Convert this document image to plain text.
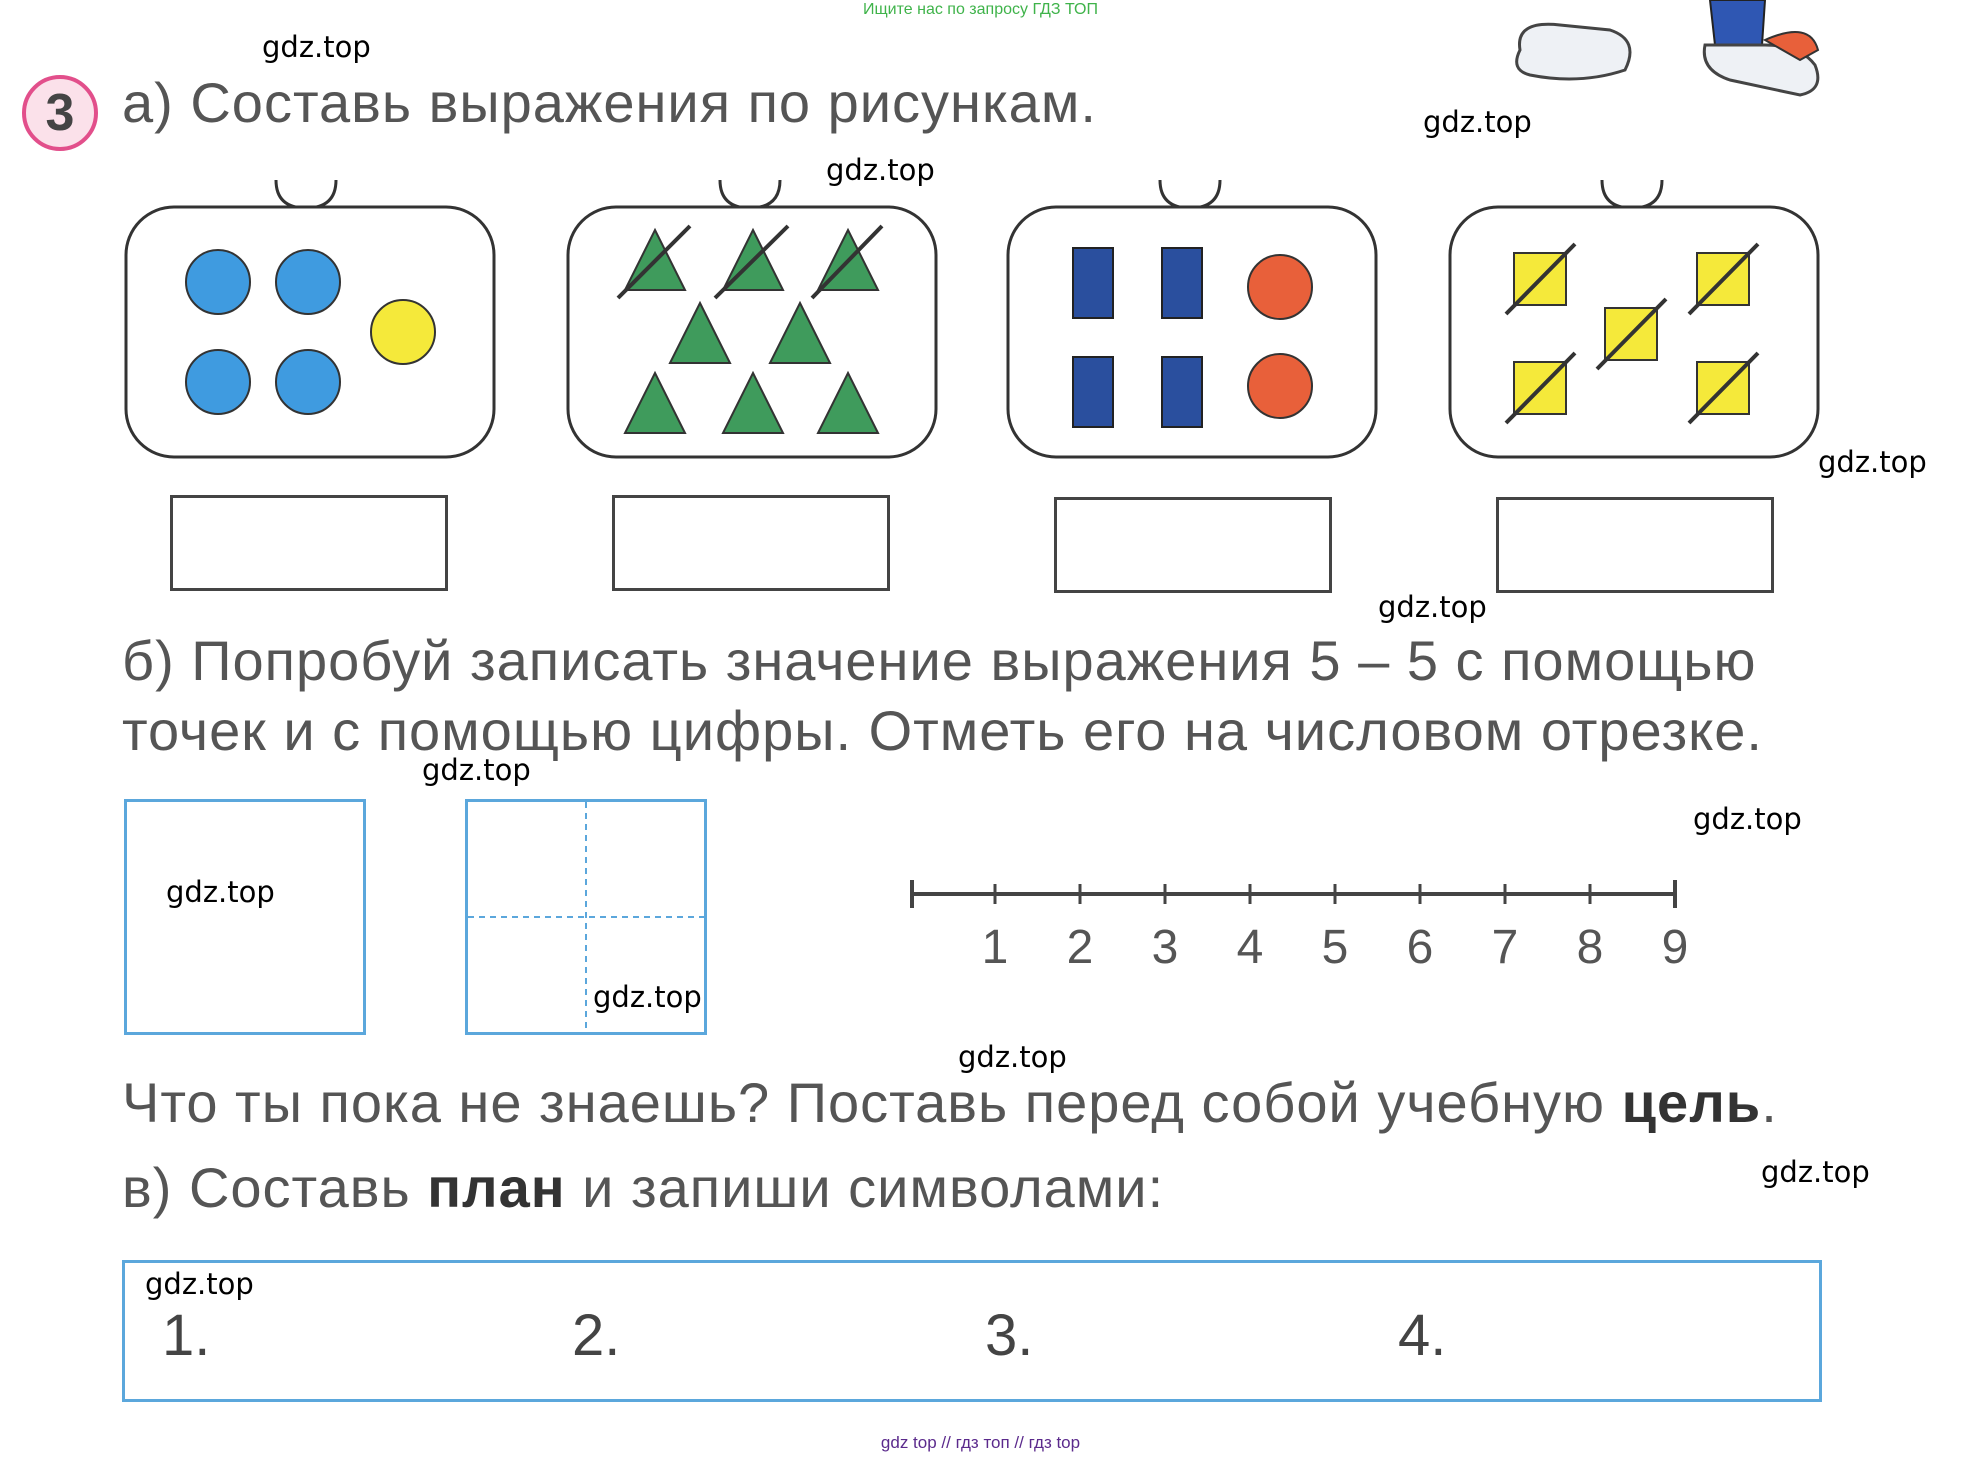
Ищите нас по запросу ГДЗ ТОП
3 а) Составь выражения по рисункам.
б) Попробуй записать значение выражения 5 – 5 с помощью
точек и с помощью цифры. Отметь его на числовом отрезке.
1	2	3	4	5	6	7	8	9
Что ты пока не знаешь? Поставь перед собой учебную цель.
в) Составь план и запиши символами:
1.	2.	3.	4.
gdz.top
gdz.top
gdz.top
gdz.top
gdz.top
gdz.top
gdz.top
gdz.top
gdz.top
gdz.top
gdz.top
gdz.top
gdz top // гдз топ // гдз top
